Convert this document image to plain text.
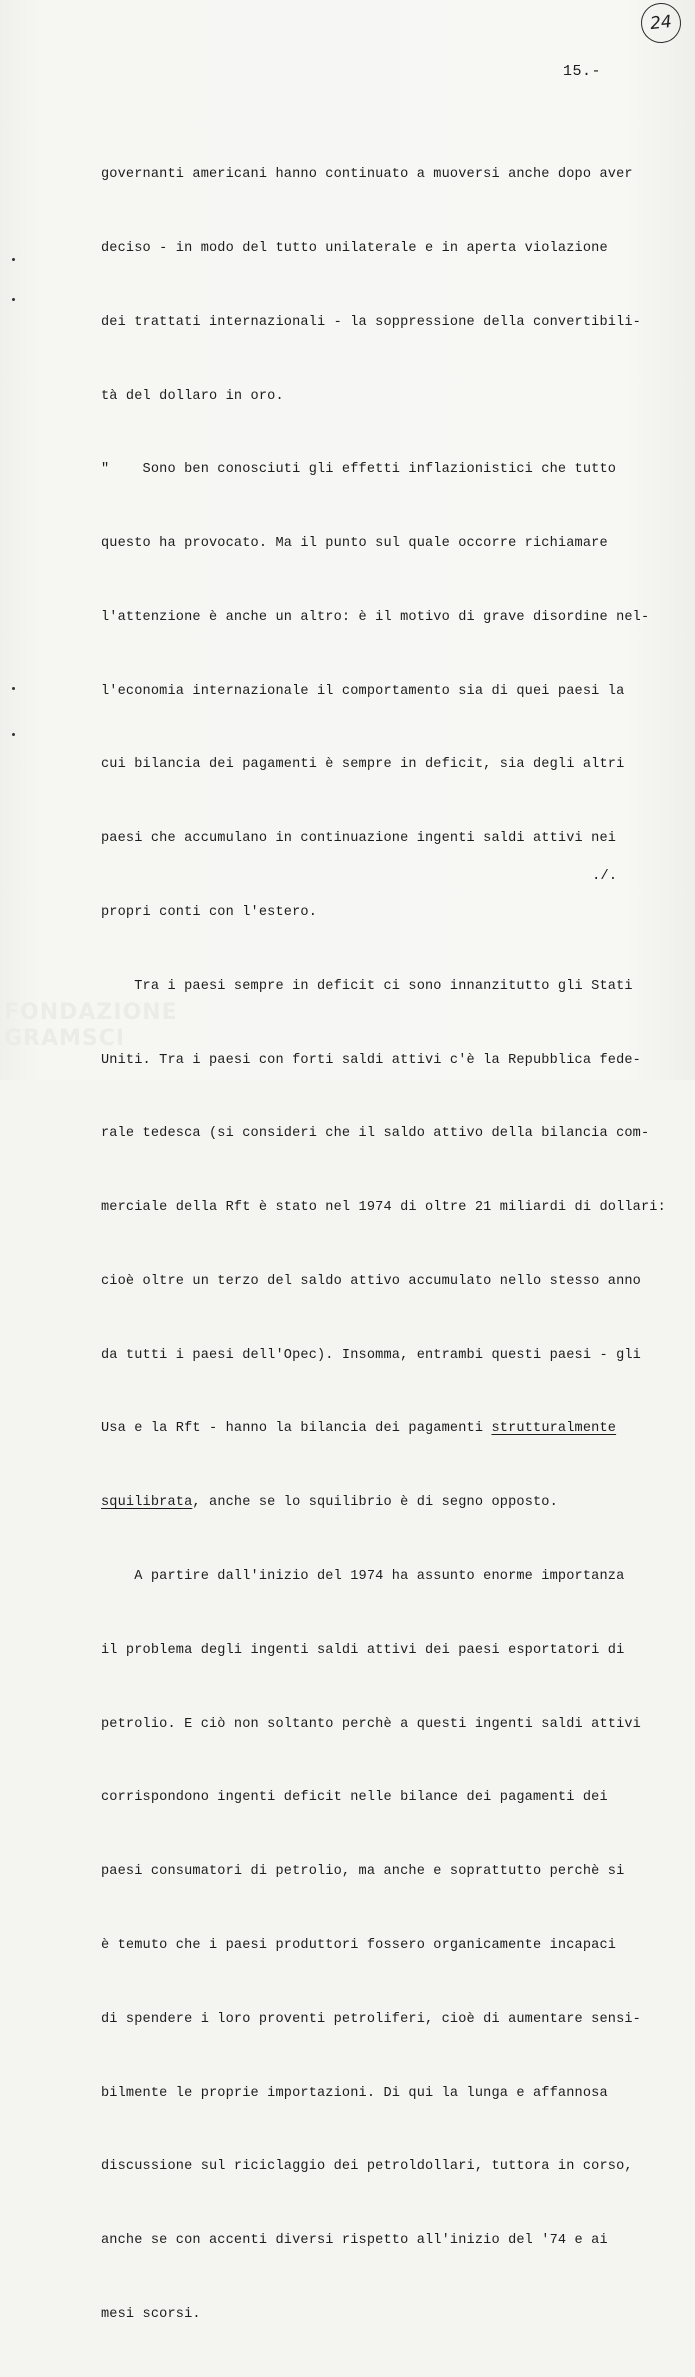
24
15.-

governanti americani hanno continuato a muoversi anche dopo aver

deciso - in modo del tutto unilaterale e in aperta violazione

dei trattati internazionali - la soppressione della convertibili-

tà del dollaro in oro.

"    Sono ben conosciuti gli effetti inflazionistici che tutto

questo ha provocato. Ma il punto sul quale occorre richiamare

l'attenzione è anche un altro: è il motivo di grave disordine nel-

l'economia internazionale il comportamento sia di quei paesi la

cui bilancia dei pagamenti è sempre in deficit, sia degli altri

paesi che accumulano in continuazione ingenti saldi attivi nei

propri conti con l'estero.

Tra i paesi sempre in deficit ci sono innanzitutto gli Stati

Uniti. Tra i paesi con forti saldi attivi c'è la Repubblica fede-

rale tedesca (si consideri che il saldo attivo della bilancia com-

merciale della Rft è stato nel 1974 di oltre 21 miliardi di dollari:

cioè oltre un terzo del saldo attivo accumulato nello stesso anno

da tutti i paesi dell'Opec). Insomma, entrambi questi paesi - gli

Usa e la Rft - hanno la bilancia dei pagamenti strutturalmente

squilibrata, anche se lo squilibrio è di segno opposto.

A partire dall'inizio del 1974 ha assunto enorme importanza

il problema degli ingenti saldi attivi dei paesi esportatori di

petrolio. E ciò non soltanto perchè a questi ingenti saldi attivi

corrispondono ingenti deficit nelle bilance dei pagamenti dei

paesi consumatori di petrolio, ma anche e soprattutto perchè si

è temuto che i paesi produttori fossero organicamente incapaci

di spendere i loro proventi petroliferi, cioè di aumentare sensi-

bilmente le proprie importazioni. Di qui la lunga e affannosa

discussione sul riciclaggio dei petroldollari, tuttora in corso,

anche se con accenti diversi rispetto all'inizio del '74 e ai

mesi scorsi.

./.
FONDAZIONE GRAMSCI
